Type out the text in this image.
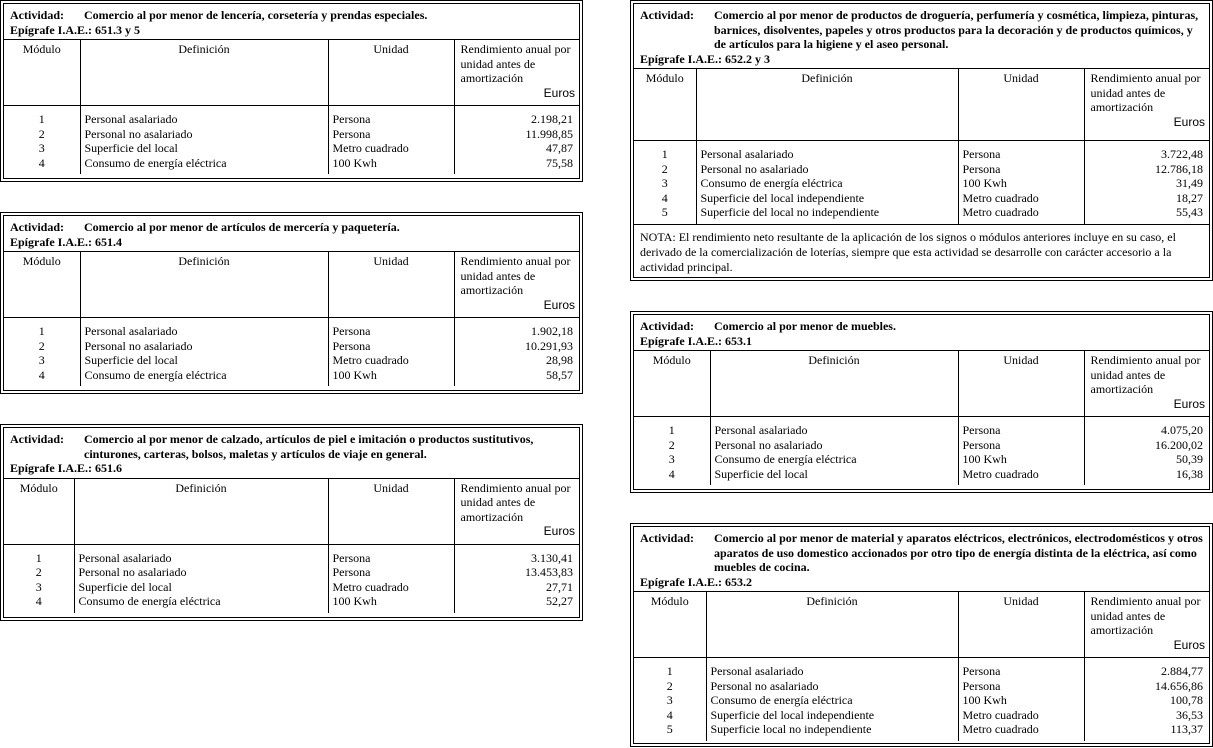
Actividad:	Comercio al por menor de lencería, corsetería y prendas especiales.
Epígrafe I.A.E.: 651.3 y 5
Módulo	Definición	Unidad	Rendimiento anual por unidad antes de amortización
Euros

1	Personal asalariado	Persona	2.198,21
2	Personal no asalariado	Persona	11.998,85
3	Superficie del local	Metro cuadrado	47,87
4	Consumo de energía eléctrica	100 Kwh	75,58
Actividad:	Comercio al por menor de artículos de mercería y paquetería.
Epígrafe I.A.E.: 651.4
Módulo	Definición	Unidad	Rendimiento anual por unidad antes de amortización
Euros

1	Personal asalariado	Persona	1.902,18
2	Personal no asalariado	Persona	10.291,93
3	Superficie del local	Metro cuadrado	28,98
4	Consumo de energía eléctrica	100 Kwh	58,57
Actividad:	Comercio al por menor de calzado, artículos de piel e imitación o productos sustitutivos, cinturones, carteras, bolsos, maletas y artículos de viaje en general.
Epígrafe I.A.E.: 651.6
Módulo	Definición	Unidad	Rendimiento anual por unidad antes de amortización
Euros

1	Personal asalariado	Persona	3.130,41
2	Personal no asalariado	Persona	13.453,83
3	Superficie del local	Metro cuadrado	27,71
4	Consumo de energía eléctrica	100 Kwh	52,27
Actividad:	Comercio al por menor de productos de droguería, perfumería y cosmética, limpieza, pinturas, barnices, disolventes, papeles y otros productos para la decoración y de productos químicos, y de artículos para la higiene y el aseo personal.
Epígrafe I.A.E.: 652.2 y 3
Módulo	Definición	Unidad	Rendimiento anual por unidad antes de amortización
Euros

1	Personal asalariado	Persona	3.722,48
2	Personal no asalariado	Persona	12.786,18
3	Consumo de energía eléctrica	100 Kwh	31,49
4	Superficie del local independiente	Metro cuadrado	18,27
5	Superficie del local no independiente	Metro cuadrado	55,43
NOTA: El rendimiento neto resultante de la aplicación de los signos o módulos anteriores incluye en su caso, el derivado de la comercialización de loterías, siempre que esta actividad se desarrolle con carácter accesorio a la actividad principal.
Actividad:	Comercio al por menor de muebles.
Epígrafe I.A.E.: 653.1
Módulo	Definición	Unidad	Rendimiento anual por unidad antes de amortización
Euros

1	Personal asalariado	Persona	4.075,20
2	Personal no asalariado	Persona	16.200,02
3	Consumo de energía eléctrica	100 Kwh	50,39
4	Superficie del local	Metro cuadrado	16,38
Actividad:	Comercio al por menor de material y aparatos eléctricos, electrónicos, electrodomésticos y otros aparatos de uso domestico accionados por otro tipo de energía distinta de la eléctrica, así como muebles de cocina.
Epígrafe I.A.E.: 653.2
Módulo	Definición	Unidad	Rendimiento anual por unidad antes de amortización
Euros

1	Personal asalariado	Persona	2.884,77
2	Personal no asalariado	Persona	14.656,86
3	Consumo de energía eléctrica	100 Kwh	100,78
4	Superficie del local independiente	Metro cuadrado	36,53
5	Superficie local no independiente	Metro cuadrado	113,37
